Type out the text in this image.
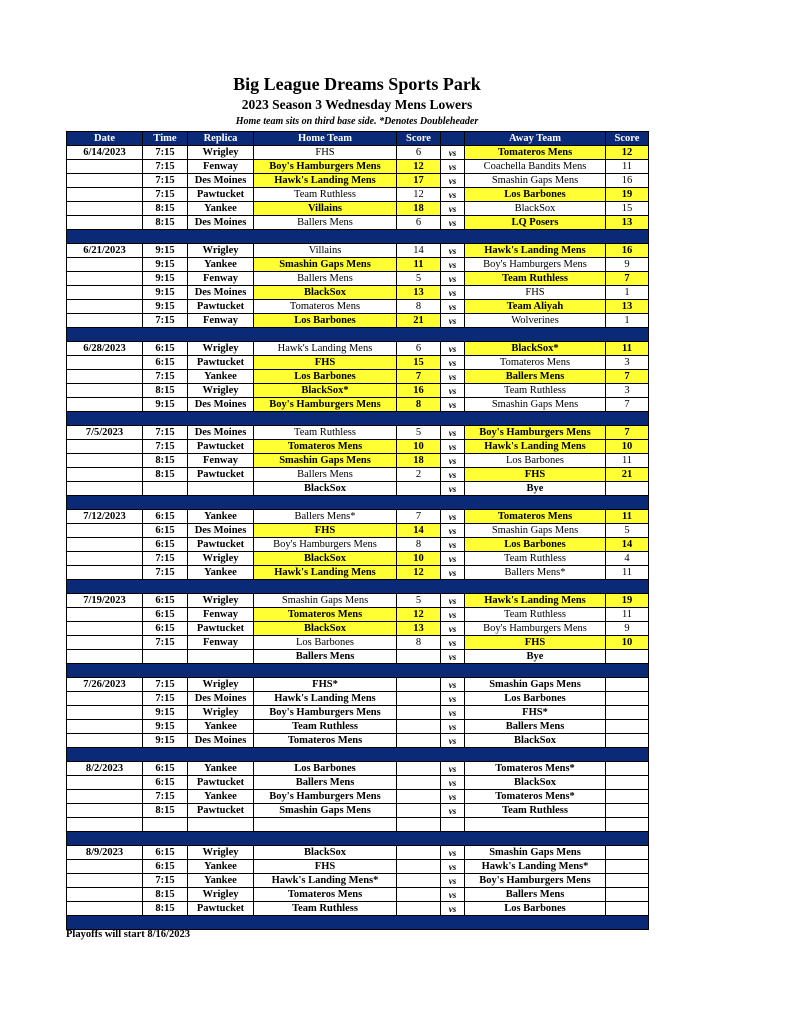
Big League Dreams Sports Park
2023 Season 3 Wednesday Mens Lowers
Home team sits on third base side. *Denotes Doubleheader
Date	Time	Replica	Home Team	Score		Away Team	Score
6/14/2023	7:15	Wrigley	FHS	6	vs	Tomateros Mens	12
	7:15	Fenway	Boy's Hamburgers Mens	12	vs	Coachella Bandits Mens	11
	7:15	Des Moines	Hawk's Landing Mens	17	vs	Smashin Gaps Mens	16
	7:15	Pawtucket	Team Ruthless	12	vs	Los Barbones	19
	8:15	Yankee	Villains	18	vs	BlackSox	15
	8:15	Des Moines	Ballers Mens	6	vs	LQ Posers	13

6/21/2023	9:15	Wrigley	Villains	14	vs	Hawk's Landing Mens	16
	9:15	Yankee	Smashin Gaps Mens	11	vs	Boy's Hamburgers Mens	9
	9:15	Fenway	Ballers Mens	5	vs	Team Ruthless	7
	9:15	Des Moines	BlackSox	13	vs	FHS	1
	9:15	Pawtucket	Tomateros Mens	8	vs	Team Aliyah	13
	7:15	Fenway	Los Barbones	21	vs	Wolverines	1

6/28/2023	6:15	Wrigley	Hawk's Landing Mens	6	vs	BlackSox*	11
	6:15	Pawtucket	FHS	15	vs	Tomateros Mens	3
	7:15	Yankee	Los Barbones	7	vs	Ballers Mens	7
	8:15	Wrigley	BlackSox*	16	vs	Team Ruthless	3
	9:15	Des Moines	Boy's Hamburgers Mens	8	vs	Smashin Gaps Mens	7

7/5/2023	7:15	Des Moines	Team Ruthless	5	vs	Boy's Hamburgers Mens	7
	7:15	Pawtucket	Tomateros Mens	10	vs	Hawk's Landing Mens	10
	8:15	Fenway	Smashin Gaps Mens	18	vs	Los Barbones	11
	8:15	Pawtucket	Ballers Mens	2	vs	FHS	21
			BlackSox		vs	Bye	

7/12/2023	6:15	Yankee	Ballers Mens*	7	vs	Tomateros Mens	11
	6:15	Des Moines	FHS	14	vs	Smashin Gaps Mens	5
	6:15	Pawtucket	Boy's Hamburgers Mens	8	vs	Los Barbones	14
	7:15	Wrigley	BlackSox	10	vs	Team Ruthless	4
	7:15	Yankee	Hawk's Landing Mens	12	vs	Ballers Mens*	11

7/19/2023	6:15	Wrigley	Smashin Gaps Mens	5	vs	Hawk's Landing Mens	19
	6:15	Fenway	Tomateros Mens	12	vs	Team Ruthless	11
	6:15	Pawtucket	BlackSox	13	vs	Boy's Hamburgers Mens	9
	7:15	Fenway	Los Barbones	8	vs	FHS	10
			Ballers Mens		vs	Bye	

7/26/2023	7:15	Wrigley	FHS*		vs	Smashin Gaps Mens	
	7:15	Des Moines	Hawk's Landing Mens		vs	Los Barbones	
	9:15	Wrigley	Boy's Hamburgers Mens		vs	FHS*	
	9:15	Yankee	Team Ruthless		vs	Ballers Mens	
	9:15	Des Moines	Tomateros Mens		vs	BlackSox	

8/2/2023	6:15	Yankee	Los Barbones		vs	Tomateros Mens*	
	6:15	Pawtucket	Ballers Mens		vs	BlackSox	
	7:15	Yankee	Boy's Hamburgers Mens		vs	Tomateros Mens*	
	8:15	Pawtucket	Smashin Gaps Mens		vs	Team Ruthless	

8/9/2023	6:15	Wrigley	BlackSox		vs	Smashin Gaps Mens	
	6:15	Yankee	FHS		vs	Hawk's Landing Mens*	
	7:15	Yankee	Hawk's Landing Mens*		vs	Boy's Hamburgers Mens	
	8:15	Wrigley	Tomateros Mens		vs	Ballers Mens	
	8:15	Pawtucket	Team Ruthless		vs	Los Barbones	

Playoffs will start 8/16/2023
